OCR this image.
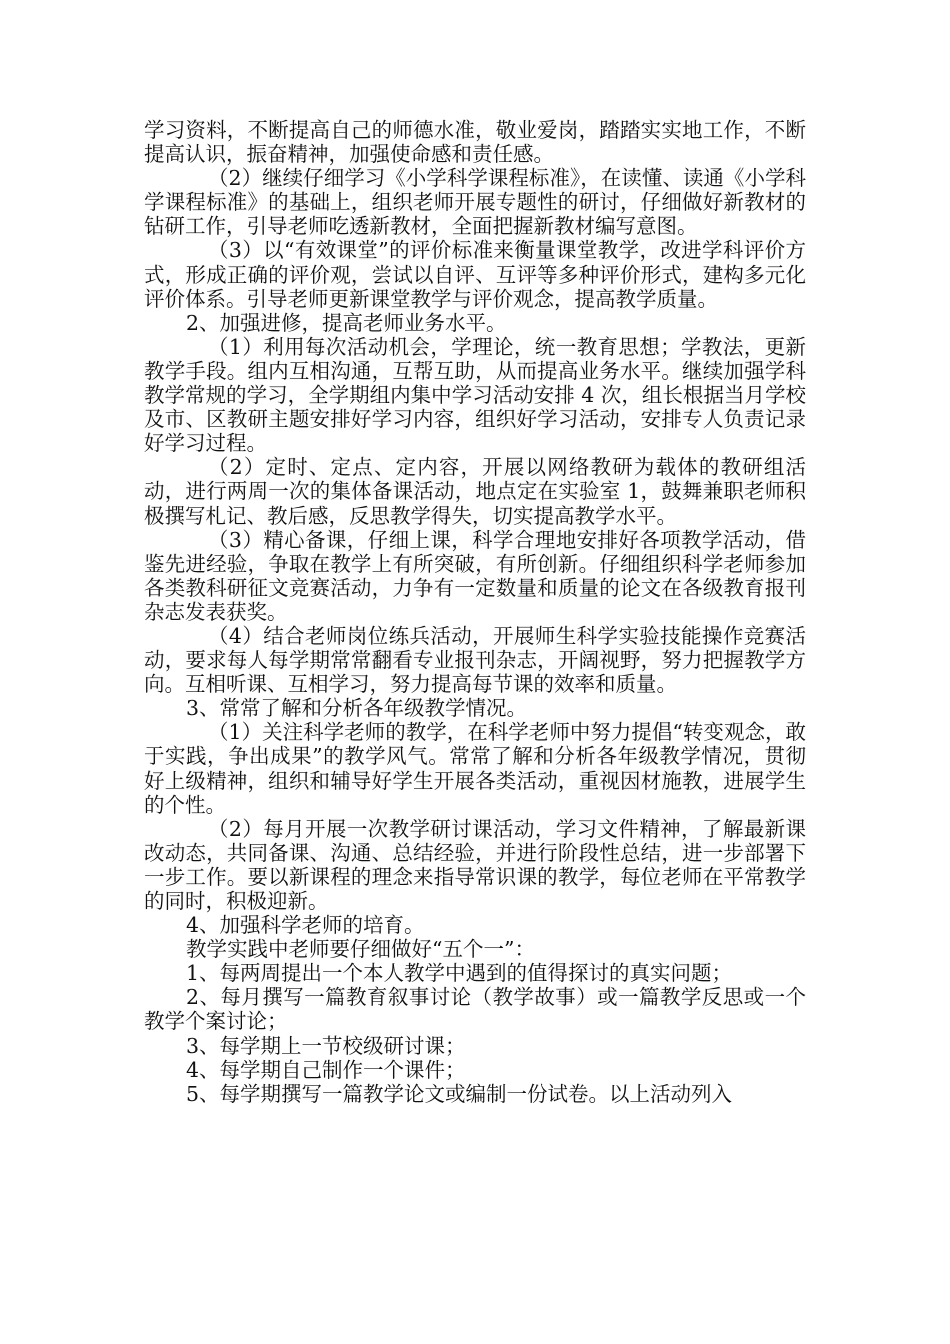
学习资料，不断提高自己的师德水准，敬业爱岗，踏踏实实地工作，不断提高认识，振奋精神，加强使命感和责任感。

（2）继续仔细学习《小学科学课程标准》，在读懂、读通《小学科学课程标准》的基础上，组织老师开展专题性的研讨，仔细做好新教材的钻研工作，引导老师吃透新教材，全面把握新教材编写意图。

（3）以“有效课堂”的评价标准来衡量课堂教学，改进学科评价方式，形成正确的评价观，尝试以自评、互评等多种评价形式，建构多元化评价体系。引导老师更新课堂教学与评价观念，提高教学质量。

2、加强进修，提高老师业务水平。

（1）利用每次活动机会，学理论，统一教育思想；学教法，更新教学手段。组内互相沟通，互帮互助，从而提高业务水平。继续加强学科教学常规的学习，全学期组内集中学习活动安排 4 次，组长根据当月学校及市、区教研主题安排好学习内容，组织好学习活动，安排专人负责记录好学习过程。

（2）定时、定点、定内容，开展以网络教研为载体的教研组活动，进行两周一次的集体备课活动，地点定在实验室 1，鼓舞兼职老师积极撰写札记、教后感，反思教学得失，切实提高教学水平。

（3）精心备课，仔细上课，科学合理地安排好各项教学活动，借鉴先进经验，争取在教学上有所突破，有所创新。仔细组织科学老师参加各类教科研征文竞赛活动，力争有一定数量和质量的论文在各级教育报刊杂志发表获奖。

（4）结合老师岗位练兵活动，开展师生科学实验技能操作竞赛活动，要求每人每学期常常翻看专业报刊杂志，开阔视野，努力把握教学方向。互相听课、互相学习，努力提高每节课的效率和质量。

3、常常了解和分析各年级教学情况。

（1）关注科学老师的教学，在科学老师中努力提倡“转变观念，敢于实践，争出成果”的教学风气。常常了解和分析各年级教学情况，贯彻好上级精神，组织和辅导好学生开展各类活动，重视因材施教，进展学生的个性。

（2）每月开展一次教学研讨课活动，学习文件精神，了解最新课改动态，共同备课、沟通、总结经验，并进行阶段性总结，进一步部署下一步工作。要以新课程的理念来指导常识课的教学，每位老师在平常教学的同时，积极迎新。

4、加强科学老师的培育。

教学实践中老师要仔细做好“五个一”：

1、每两周提出一个本人教学中遇到的值得探讨的真实问题；

2、每月撰写一篇教育叙事讨论（教学故事）或一篇教学反思或一个教学个案讨论；

3、每学期上一节校级研讨课；

4、每学期自己制作一个课件；

5、每学期撰写一篇教学论文或编制一份试卷。以上活动列入
